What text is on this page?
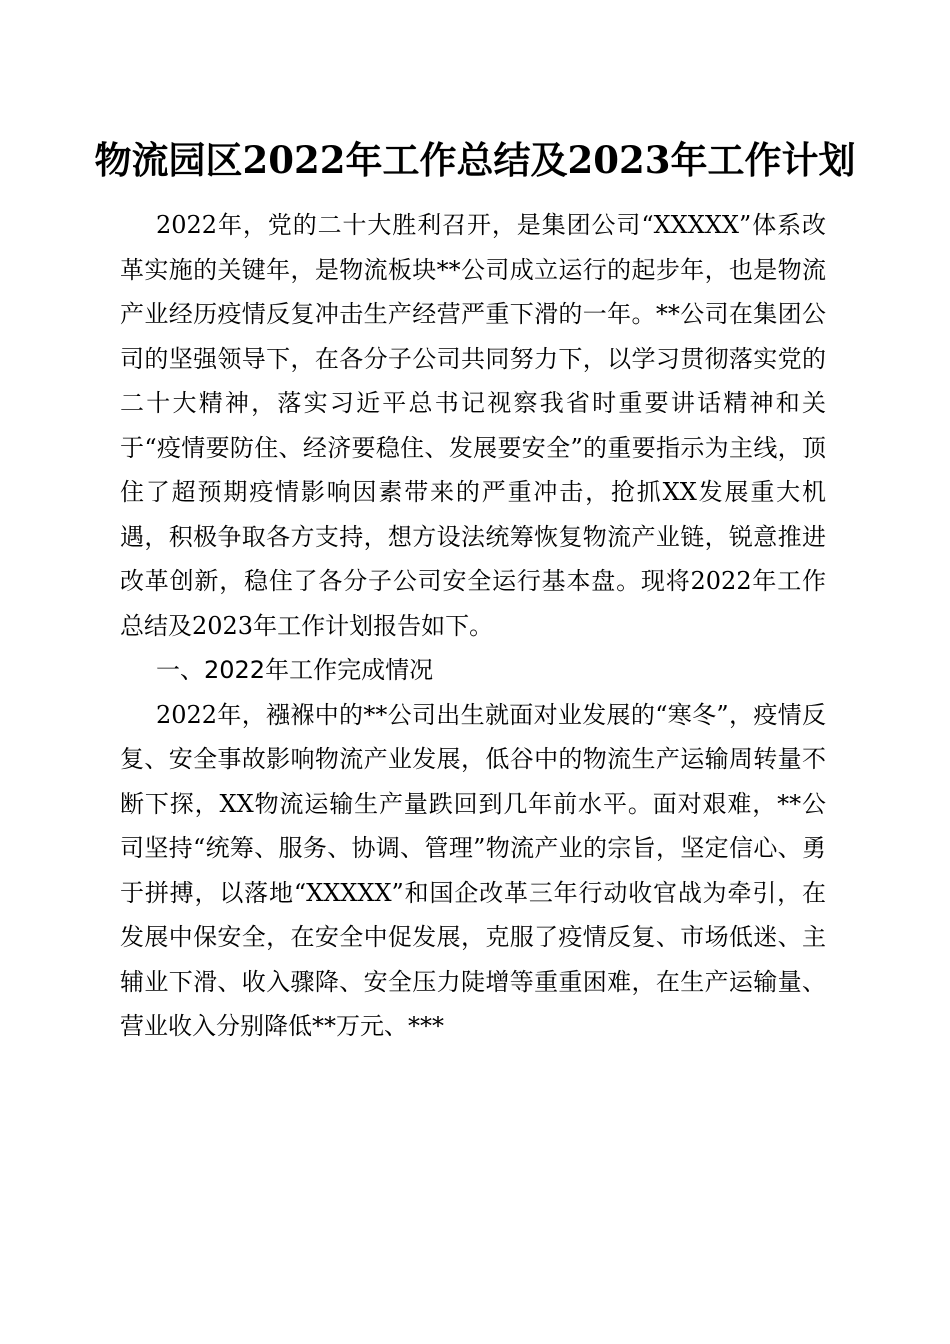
物流园区2022年工作总结及2023年工作计划

2022年，党的二十大胜利召开，是集团公司“XXXXX”体系改革实施的关键年，是物流板块**公司成立运行的起步年，也是物流产业经历疫情反复冲击生产经营严重下滑的一年。**公司在集团公司的坚强领导下，在各分子公司共同努力下，以学习贯彻落实党的二十大精神，落实习近平总书记视察我省时重要讲话精神和关于“疫情要防住、经济要稳住、发展要安全”的重要指示为主线，顶住了超预期疫情影响因素带来的严重冲击，抢抓XX发展重大机遇，积极争取各方支持，想方设法统筹恢复物流产业链，锐意推进改革创新，稳住了各分子公司安全运行基本盘。现将2022年工作总结及2023年工作计划报告如下。

一、2022年工作完成情况

2022年，襁褓中的**公司出生就面对业发展的“寒冬”，疫情反复、安全事故影响物流产业发展，低谷中的物流生产运输周转量不断下探，XX物流运输生产量跌回到几年前水平。面对艰难，**公司坚持“统筹、服务、协调、管理”物流产业的宗旨，坚定信心、勇于拼搏，以落地“XXXXX”和国企改革三年行动收官战为牵引，在发展中保安全，在安全中促发展，克服了疫情反复、市场低迷、主辅业下滑、收入骤降、安全压力陡增等重重困难，在生产运输量、营业收入分别降低**万元、***
